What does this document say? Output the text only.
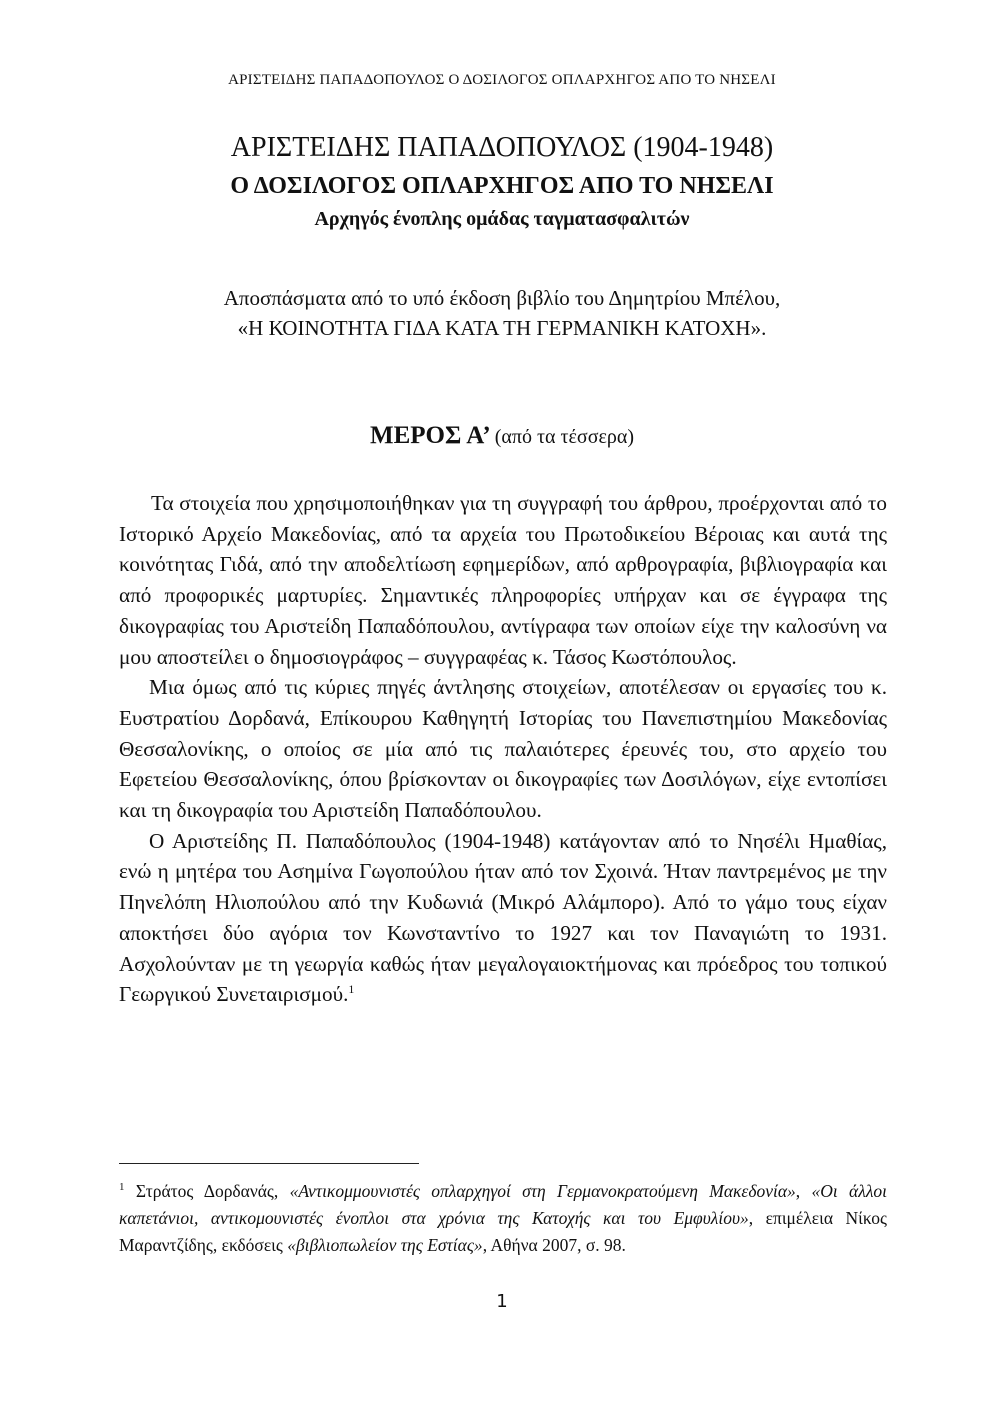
ΑΡΙΣΤΕΙΔΗΣ ΠΑΠΑΔΟΠΟΥΛΟΣ Ο ΔΟΣΙΛΟΓΟΣ ΟΠΛΑΡΧΗΓΟΣ ΑΠΟ ΤΟ ΝΗΣΕΛΙ
ΑΡΙΣΤΕΙΔΗΣ ΠΑΠΑΔΟΠΟΥΛΟΣ (1904-1948)
Ο ΔΟΣΙΛΟΓΟΣ ΟΠΛΑΡΧΗΓΟΣ ΑΠΟ ΤΟ ΝΗΣΕΛΙ
Αρχηγός ένοπλης ομάδας ταγματασφαλιτών
Αποσπάσματα από το υπό έκδοση βιβλίο του Δημητρίου Μπέλου,
«Η ΚΟΙΝΟΤΗΤΑ ΓΙΔΑ ΚΑΤΑ ΤΗ ΓΕΡΜΑΝΙΚΗ ΚΑΤΟΧΗ».
ΜΕΡΟΣ Α’ (από τα τέσσερα)

Τα στοιχεία που χρησιμοποιήθηκαν για τη συγγραφή του άρθρου, προέρχονται από το Ιστορικό Αρχείο Μακεδονίας, από τα αρχεία του Πρωτοδικείου Βέροιας και αυτά της κοινότητας Γιδά, από την αποδελτίωση εφημερίδων, από αρθρογραφία, βιβλιογραφία και από προφορικές μαρτυρίες. Σημαντικές πληροφορίες υπήρχαν και σε έγγραφα της δικογραφίας του Αριστείδη Παπαδόπουλου, αντίγραφα των οποίων είχε την καλοσύνη να μου αποστείλει ο δημοσιογράφος – συγγραφέας κ. Τάσος Κωστόπουλος.

Μια όμως από τις κύριες πηγές άντλησης στοιχείων, αποτέλεσαν οι εργασίες του κ. Ευστρατίου Δορδανά, Επίκουρου Καθηγητή Ιστορίας του Πανεπιστημίου Μακεδονίας Θεσσαλονίκης, ο οποίος σε μία από τις παλαιότερες έρευνές του, στο αρχείο του Εφετείου Θεσσαλονίκης, όπου βρίσκονταν οι δικογραφίες των Δοσιλόγων, είχε εντοπίσει και τη δικογραφία του Αριστείδη Παπαδόπουλου.

Ο Αριστείδης Π. Παπαδόπουλος (1904-1948) κατάγονταν από το Νησέλι Ημαθίας, ενώ η μητέρα του Ασημίνα Γωγοπούλου ήταν από τον Σχοινά. Ήταν παντρεμένος με την Πηνελόπη Ηλιοπούλου από την Κυδωνιά (Μικρό Αλάμπορο). Από το γάμο τους είχαν αποκτήσει δύο αγόρια τον Κωνσταντίνο το 1927 και τον Παναγιώτη το 1931. Ασχολούνταν με τη γεωργία καθώς ήταν μεγαλογαιοκτήμονας και πρόεδρος του τοπικού Γεωργικού Συνεταιρισμού.$^1$

$^1$ Στράτος Δορδανάς, «Αντικομμουνιστές οπλαρχηγοί στη Γερμανοκρατούμενη Μακεδονία», «Οι άλλοι καπετάνιοι, αντικομουνιστές ένοπλοι στα χρόνια της Κατοχής και του Εμφυλίου», επιμέλεια Νίκος Μαραντζίδης, εκδόσεις «βιβλιοπωλείον της Εστίας», Αθήνα 2007, σ. 98.
1
